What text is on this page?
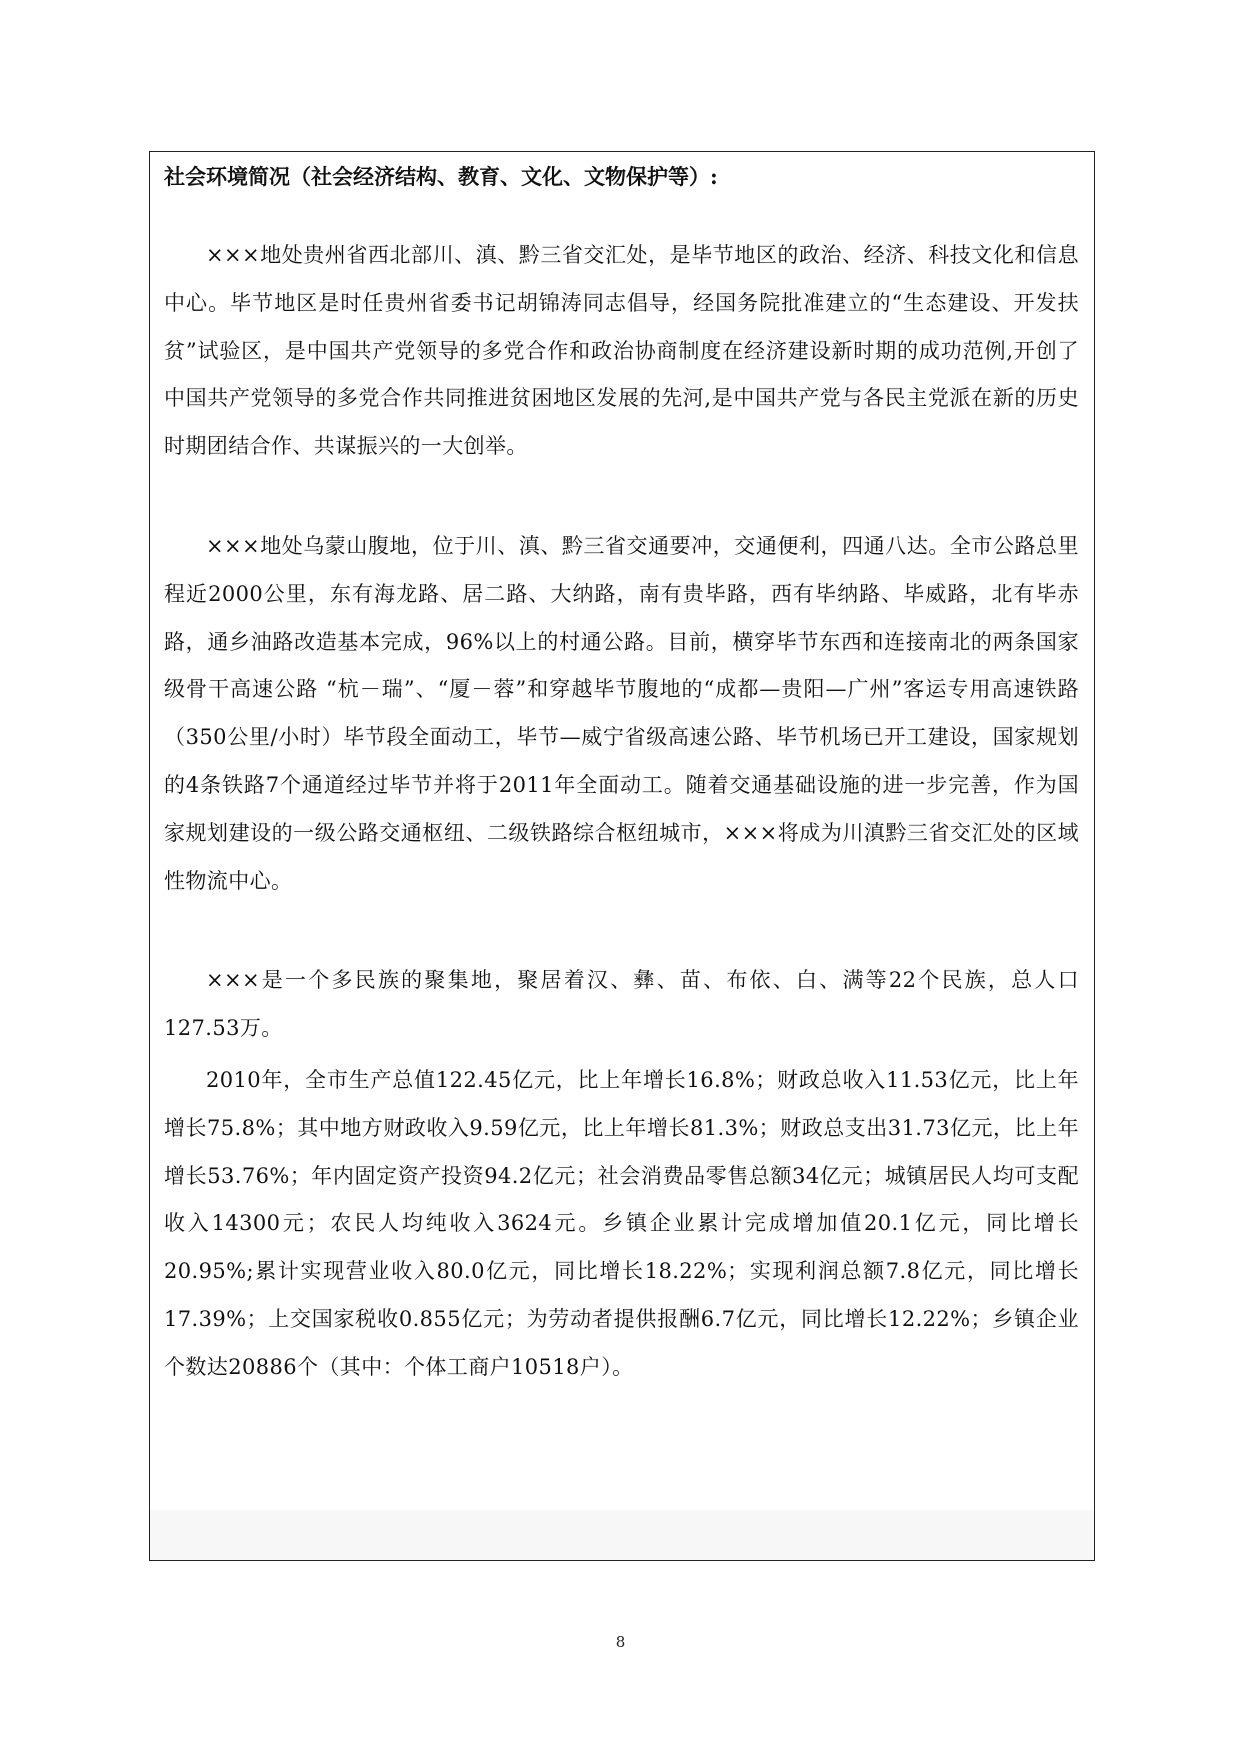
社会环境简况（社会经济结构、教育、文化、文物保护等）:

×××地处贵州省西北部川、滇、黔三省交汇处，是毕节地区的政治、经济、科技文化和信息中心。毕节地区是时任贵州省委书记胡锦涛同志倡导，经国务院批准建立的“生态建设、开发扶贫”试验区，是中国共产党领导的多党合作和政治协商制度在经济建设新时期的成功范例,开创了中国共产党领导的多党合作共同推进贫困地区发展的先河,是中国共产党与各民主党派在新的历史时期团结合作、共谋振兴的一大创举。

×××地处乌蒙山腹地，位于川、滇、黔三省交通要冲，交通便利，四通八达。全市公路总里程近2000公里，东有海龙路、居二路、大纳路，南有贵毕路，西有毕纳路、毕威路，北有毕赤路，通乡油路改造基本完成，96%以上的村通公路。目前，横穿毕节东西和连接南北的两条国家级骨干高速公路 “杭－瑞”、“厦－蓉”和穿越毕节腹地的“成都—贵阳—广州”客运专用高速铁路（350公里/小时）毕节段全面动工，毕节—威宁省级高速公路、毕节机场已开工建设，国家规划的4条铁路7个通道经过毕节并将于2011年全面动工。随着交通基础设施的进一步完善，作为国家规划建设的一级公路交通枢纽、二级铁路综合枢纽城市，×××将成为川滇黔三省交汇处的区域性物流中心。

×××是一个多民族的聚集地，聚居着汉、彝、苗、布依、白、满等22个民族，总人口127.53万。

2010年，全市生产总值122.45亿元，比上年增长16.8%；财政总收入11.53亿元，比上年增长75.8%；其中地方财政收入9.59亿元，比上年增长81.3%；财政总支出31.73亿元，比上年增长53.76%；年内固定资产投资94.2亿元；社会消费品零售总额34亿元；城镇居民人均可支配收入14300元；农民人均纯收入3624元。乡镇企业累计完成增加值20.1亿元，同比增长20.95%;累计实现营业收入80.0亿元，同比增长18.22%；实现利润总额7.8亿元，同比增长17.39%；上交国家税收0.855亿元；为劳动者提供报酬6.7亿元，同比增长12.22%；乡镇企业个数达20886个（其中：个体工商户10518户）。

8
